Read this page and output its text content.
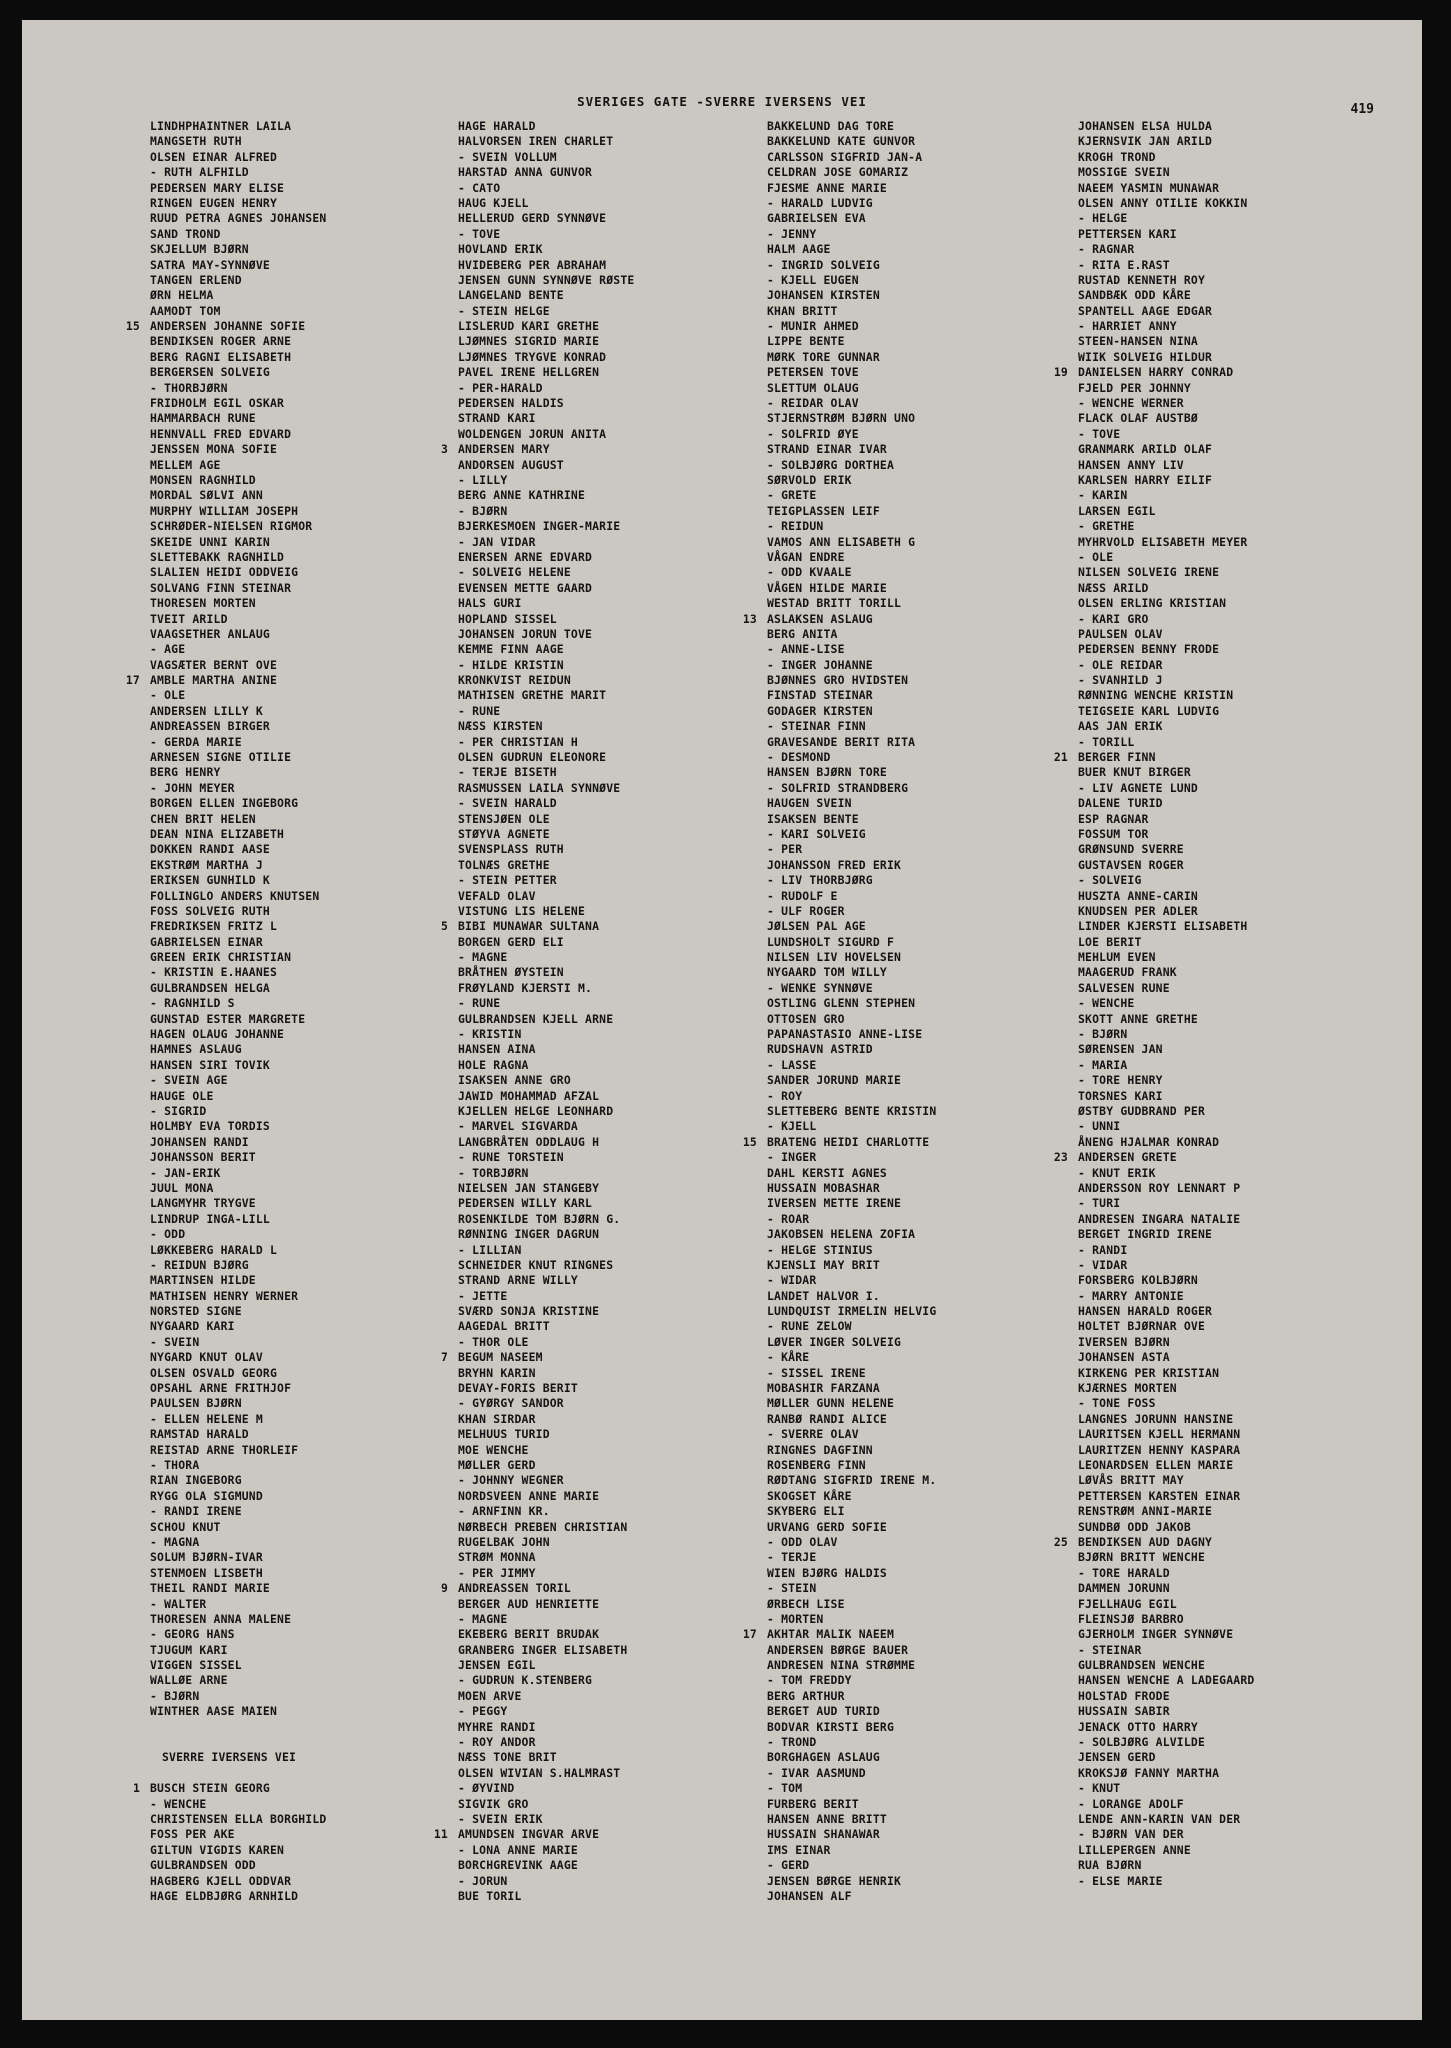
SVERIGES GATE -SVERRE IVERSENS VEI
419
LINDHPHAINTNER LAILA
MANGSETH RUTH
OLSEN EINAR ALFRED
- RUTH ALFHILD
PEDERSEN MARY ELISE
RINGEN EUGEN HENRY
RUUD PETRA AGNES JOHANSEN
SAND TROND
SKJELLUM BJØRN
SATRA MAY-SYNNØVE
TANGEN ERLEND
ØRN HELMA
AAMODT TOM
15 ANDERSEN JOHANNE SOFIE
BENDIKSEN ROGER ARNE
BERG RAGNI ELISABETH
BERGERSEN SOLVEIG
- THORBJØRN
FRIDHOLM EGIL OSKAR
HAMMARBACH RUNE
HENNVALL FRED EDVARD
JENSSEN MONA SOFIE
MELLEM AGE
MONSEN RAGNHILD
MORDAL SØLVI ANN
MURPHY WILLIAM JOSEPH
SCHRØDER-NIELSEN RIGMOR
SKEIDE UNNI KARIN
SLETTEBAKK RAGNHILD
SLALIEN HEIDI ODDVEIG
SOLVANG FINN STEINAR
THORESEN MORTEN
TVEIT ARILD
VAAGSETHER ANLAUG
- AGE
VAGSÆTER BERNT OVE
17 AMBLE MARTHA ANINE
- OLE
ANDERSEN LILLY K
ANDREASSEN BIRGER
- GERDA MARIE
ARNESEN SIGNE OTILIE
BERG HENRY
- JOHN MEYER
BORGEN ELLEN INGEBORG
CHEN BRIT HELEN
DEAN NINA ELIZABETH
DOKKEN RANDI AASE
EKSTRØM MARTHA J
ERIKSEN GUNHILD K
FOLLINGLO ANDERS KNUTSEN
FOSS SOLVEIG RUTH
FREDRIKSEN FRITZ L
GABRIELSEN EINAR
GREEN ERIK CHRISTIAN
- KRISTIN E.HAANES
GULBRANDSEN HELGA
- RAGNHILD S
GUNSTAD ESTER MARGRETE
HAGEN OLAUG JOHANNE
HAMNES ASLAUG
HANSEN SIRI TOVIK
- SVEIN AGE
HAUGE OLE
- SIGRID
HOLMBY EVA TORDIS
JOHANSEN RANDI
JOHANSSON BERIT
- JAN-ERIK
JUUL MONA
LANGMYHR TRYGVE
LINDRUP INGA-LILL
- ODD
LØKKEBERG HARALD L
- REIDUN BJØRG
MARTINSEN HILDE
MATHISEN HENRY WERNER
NORSTED SIGNE
NYGAARD KARI
- SVEIN
NYGARD KNUT OLAV
OLSEN OSVALD GEORG
OPSAHL ARNE FRITHJOF
PAULSEN BJØRN
- ELLEN HELENE M
RAMSTAD HARALD
REISTAD ARNE THORLEIF
- THORA
RIAN INGEBORG
RYGG OLA SIGMUND
- RANDI IRENE
SCHOU KNUT
- MAGNA
SOLUM BJØRN-IVAR
STENMOEN LISBETH
THEIL RANDI MARIE
- WALTER
THORESEN ANNA MALENE
- GEORG HANS
TJUGUM KARI
VIGGEN SISSEL
WALLØE ARNE
- BJØRN
WINTHER AASE MAIEN
SVERRE IVERSENS VEI
1 BUSCH STEIN GEORG
- WENCHE
CHRISTENSEN ELLA BORGHILD
FOSS PER AKE
GILTUN VIGDIS KAREN
GULBRANDSEN ODD
HAGBERG KJELL ODDVAR
HAGE ELDBJØRG ARNHILD
HAGE HARALD
HALVORSEN IREN CHARLET
- SVEIN VOLLUM
HARSTAD ANNA GUNVOR
- CATO
HAUG KJELL
HELLERUD GERD SYNNØVE
- TOVE
HOVLAND ERIK
HVIDEBERG PER ABRAHAM
JENSEN GUNN SYNNØVE RØSTE
LANGELAND BENTE
- STEIN HELGE
LISLERUD KARI GRETHE
LJØMNES SIGRID MARIE
LJØMNES TRYGVE KONRAD
PAVEL IRENE HELLGREN
- PER-HARALD
PEDERSEN HALDIS
STRAND KARI
WOLDENGEN JORUN ANITA
3 ANDERSEN MARY
ANDORSEN AUGUST
- LILLY
BERG ANNE KATHRINE
- BJØRN
BJERKESMOEN INGER-MARIE
- JAN VIDAR
ENERSEN ARNE EDVARD
- SOLVEIG HELENE
EVENSEN METTE GAARD
HALS GURI
HOPLAND SISSEL
JOHANSEN JORUN TOVE
KEMME FINN AAGE
- HILDE KRISTIN
KRONKVIST REIDUN
MATHISEN GRETHE MARIT
- RUNE
NÆSS KIRSTEN
- PER CHRISTIAN H
OLSEN GUDRUN ELEONORE
- TERJE BISETH
RASMUSSEN LAILA SYNNØVE
- SVEIN HARALD
STENSJØEN OLE
STØYVA AGNETE
SVENSPLASS RUTH
TOLNÆS GRETHE
- STEIN PETTER
VEFALD OLAV
VISTUNG LIS HELENE
5 BIBI MUNAWAR SULTANA
BORGEN GERD ELI
- MAGNE
BRÅTHEN ØYSTEIN
FRØYLAND KJERSTI M.
- RUNE
GULBRANDSEN KJELL ARNE
- KRISTIN
HANSEN AINA
HOLE RAGNA
ISAKSEN ANNE GRO
JAWID MOHAMMAD AFZAL
KJELLEN HELGE LEONHARD
- MARVEL SIGVARDA
LANGBRÅTEN ODDLAUG H
- RUNE TORSTEIN
- TORBJØRN
NIELSEN JAN STANGEBY
PEDERSEN WILLY KARL
ROSENKILDE TOM BJØRN G.
RØNNING INGER DAGRUN
- LILLIAN
SCHNEIDER KNUT RINGNES
STRAND ARNE WILLY
- JETTE
SVÆRD SONJA KRISTINE
AAGEDAL BRITT
- THOR OLE
7 BEGUM NASEEM
BRYHN KARIN
DEVAY-FORIS BERIT
- GYØRGY SANDOR
KHAN SIRDAR
MELHUUS TURID
MOE WENCHE
MØLLER GERD
- JOHNNY WEGNER
NORDSVEEN ANNE MARIE
- ARNFINN KR.
NØRBECH PREBEN CHRISTIAN
RUGELBAK JOHN
STRØM MONNA
- PER JIMMY
9 ANDREASSEN TORIL
BERGER AUD HENRIETTE
- MAGNE
EKEBERG BERIT BRUDAK
GRANBERG INGER ELISABETH
JENSEN EGIL
- GUDRUN K.STENBERG
MOEN ARVE
- PEGGY
MYHRE RANDI
- ROY ANDOR
NÆSS TONE BRIT
OLSEN WIVIAN S.HALMRAST
- ØYVIND
SIGVIK GRO
- SVEIN ERIK
11 AMUNDSEN INGVAR ARVE
- LONA ANNE MARIE
BORCHGREVINK AAGE
- JORUN
BUE TORIL
BAKKELUND DAG TORE
BAKKELUND KATE GUNVOR
CARLSSON SIGFRID JAN-A
CELDRAN JOSE GOMARIZ
FJESME ANNE MARIE
- HARALD LUDVIG
GABRIELSEN EVA
- JENNY
HALM AAGE
- INGRID SOLVEIG
- KJELL EUGEN
JOHANSEN KIRSTEN
KHAN BRITT
- MUNIR AHMED
LIPPE BENTE
MØRK TORE GUNNAR
PETERSEN TOVE
SLETTUM OLAUG
- REIDAR OLAV
STJERNSTRØM BJØRN UNO
- SOLFRID ØYE
STRAND EINAR IVAR
- SOLBJØRG DORTHEA
SØRVOLD ERIK
- GRETE
TEIGPLASSEN LEIF
- REIDUN
VAMOS ANN ELISABETH G
VÅGAN ENDRE
- ODD KVAALE
VÅGEN HILDE MARIE
WESTAD BRITT TORILL
13 ASLAKSEN ASLAUG
BERG ANITA
- ANNE-LISE
- INGER JOHANNE
BJØNNES GRO HVIDSTEN
FINSTAD STEINAR
GODAGER KIRSTEN
- STEINAR FINN
GRAVESANDE BERIT RITA
- DESMOND
HANSEN BJØRN TORE
- SOLFRID STRANDBERG
HAUGEN SVEIN
ISAKSEN BENTE
- KARI SOLVEIG
- PER
JOHANSSON FRED ERIK
- LIV THORBJØRG
- RUDOLF E
- ULF ROGER
JØLSEN PAL AGE
LUNDSHOLT SIGURD F
NILSEN LIV HOVELSEN
NYGAARD TOM WILLY
- WENKE SYNNØVE
OSTLING GLENN STEPHEN
OTTOSEN GRO
PAPANASTASIO ANNE-LISE
RUDSHAVN ASTRID
- LASSE
SANDER JORUND MARIE
- ROY
SLETTEBERG BENTE KRISTIN
- KJELL
15 BRATENG HEIDI CHARLOTTE
- INGER
DAHL KERSTI AGNES
HUSSAIN MOBASHAR
IVERSEN METTE IRENE
- ROAR
JAKOBSEN HELENA ZOFIA
- HELGE STINIUS
KJENSLI MAY BRIT
- WIDAR
LANDET HALVOR I.
LUNDQUIST IRMELIN HELVIG
- RUNE ZELOW
LØVER INGER SOLVEIG
- KÅRE
- SISSEL IRENE
MOBASHIR FARZANA
MØLLER GUNN HELENE
RANBØ RANDI ALICE
- SVERRE OLAV
RINGNES DAGFINN
ROSENBERG FINN
RØDTANG SIGFRID IRENE M.
SKOGSET KÅRE
SKYBERG ELI
URVANG GERD SOFIE
- ODD OLAV
- TERJE
WIEN BJØRG HALDIS
- STEIN
ØRBECH LISE
- MORTEN
17 AKHTAR MALIK NAEEM
ANDERSEN BØRGE BAUER
ANDRESEN NINA STRØMME
- TOM FREDDY
BERG ARTHUR
BERGET AUD TURID
BODVAR KIRSTI BERG
- TROND
BORGHAGEN ASLAUG
- IVAR AASMUND
- TOM
FURBERG BERIT
HANSEN ANNE BRITT
HUSSAIN SHANAWAR
IMS EINAR
- GERD
JENSEN BØRGE HENRIK
JOHANSEN ALF
JOHANSEN ELSA HULDA
KJERNSVIK JAN ARILD
KROGH TROND
MOSSIGE SVEIN
NAEEM YASMIN MUNAWAR
OLSEN ANNY OTILIE KOKKIN
- HELGE
PETTERSEN KARI
- RAGNAR
- RITA E.RAST
RUSTAD KENNETH ROY
SANDBÆK ODD KÅRE
SPANTELL AAGE EDGAR
- HARRIET ANNY
STEEN-HANSEN NINA
WIIK SOLVEIG HILDUR
19 DANIELSEN HARRY CONRAD
FJELD PER JOHNNY
- WENCHE WERNER
FLACK OLAF AUSTBØ
- TOVE
GRANMARK ARILD OLAF
HANSEN ANNY LIV
KARLSEN HARRY EILIF
- KARIN
LARSEN EGIL
- GRETHE
MYHRVOLD ELISABETH MEYER
- OLE
NILSEN SOLVEIG IRENE
NÆSS ARILD
OLSEN ERLING KRISTIAN
- KARI GRO
PAULSEN OLAV
PEDERSEN BENNY FRODE
- OLE REIDAR
- SVANHILD J
RØNNING WENCHE KRISTIN
TEIGSEIE KARL LUDVIG
AAS JAN ERIK
- TORILL
21 BERGER FINN
BUER KNUT BIRGER
- LIV AGNETE LUND
DALENE TURID
ESP RAGNAR
FOSSUM TOR
GRØNSUND SVERRE
GUSTAVSEN ROGER
- SOLVEIG
HUSZTA ANNE-CARIN
KNUDSEN PER ADLER
LINDER KJERSTI ELISABETH
LOE BERIT
MEHLUM EVEN
MAAGERUD FRANK
SALVESEN RUNE
- WENCHE
SKOTT ANNE GRETHE
- BJØRN
SØRENSEN JAN
- MARIA
- TORE HENRY
TORSNES KARI
ØSTBY GUDBRAND PER
- UNNI
ÅNENG HJALMAR KONRAD
23 ANDERSEN GRETE
- KNUT ERIK
ANDERSSON ROY LENNART P
- TURI
ANDRESEN INGARA NATALIE
BERGET INGRID IRENE
- RANDI
- VIDAR
FORSBERG KOLBJØRN
- MARRY ANTONIE
HANSEN HARALD ROGER
HOLTET BJØRNAR OVE
IVERSEN BJØRN
JOHANSEN ASTA
KIRKENG PER KRISTIAN
KJÆRNES MORTEN
- TONE FOSS
LANGNES JORUNN HANSINE
LAURITSEN KJELL HERMANN
LAURITZEN HENNY KASPARA
LEONARDSEN ELLEN MARIE
LØVÅS BRITT MAY
PETTERSEN KARSTEN EINAR
RENSTRØM ANNI-MARIE
SUNDBØ ODD JAKOB
25 BENDIKSEN AUD DAGNY
BJØRN BRITT WENCHE
- TORE HARALD
DAMMEN JORUNN
FJELLHAUG EGIL
FLEINSJØ BARBRO
GJERHOLM INGER SYNNØVE
- STEINAR
GULBRANDSEN WENCHE
HANSEN WENCHE A LADEGAARD
HOLSTAD FRODE
HUSSAIN SABIR
JENACK OTTO HARRY
- SOLBJØRG ALVILDE
JENSEN GERD
KROKSJØ FANNY MARTHA
- KNUT
- LORANGE ADOLF
LENDE ANN-KARIN VAN DER
- BJØRN VAN DER
LILLEPERGEN ANNE
RUA BJØRN
- ELSE MARIE
